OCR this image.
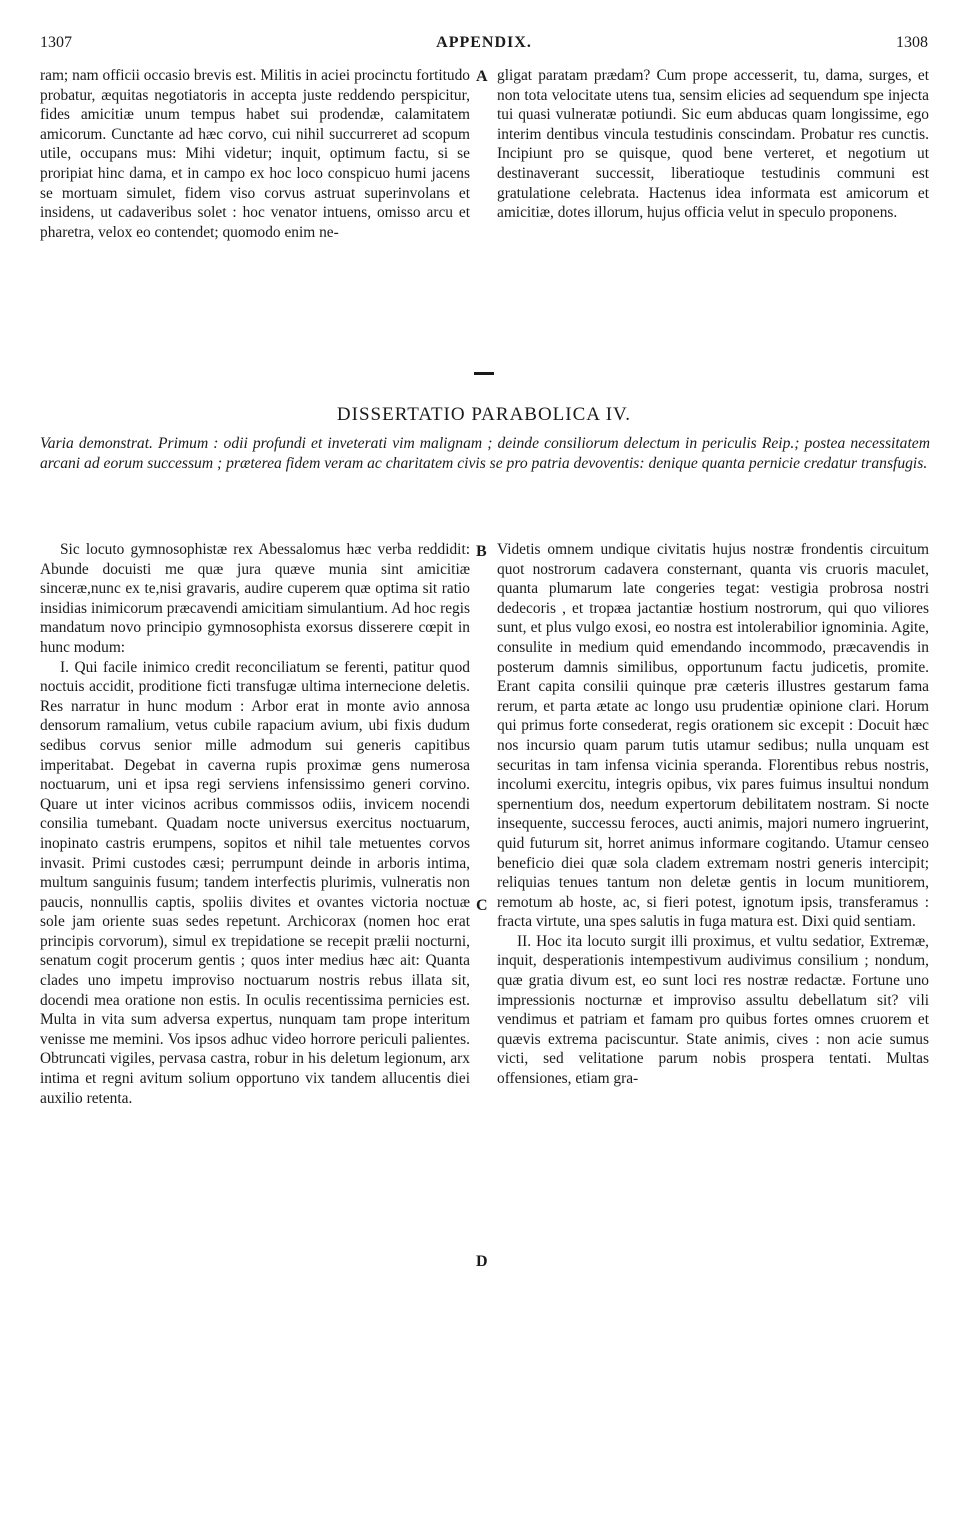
1307	APPENDIX.	1308

ram; nam officii occasio brevis est. Militis in aciei procinctu fortitudo probatur, æquitas negotiatoris in accepta juste reddendo perspicitur, fides amicitiæ unum tempus habet sui prodendæ, calamitatem amicorum. Cunctante ad hæc corvo, cui nihil succurreret ad scopum utile, occupans mus: Mihi videtur; inquit, optimum factu, si se proripiat hinc dama, et in campo ex hoc loco conspicuo humi jacens se mortuam simulet, fidem viso corvus astruat superinvolans et insidens, ut cadaveribus solet : hoc venator intuens, omisso arcu et pharetra, velox eo contendet; quomodo enim ne-

A gligat paratam prædam? Cum prope accesserit, tu, dama, surges, et non tota velocitate utens tua, sensim elicies ad sequendum spe injecta tui quasi vulneratæ potiundi. Sic eum abducas quam longissime, ego interim dentibus vincula testudinis conscindam. Probatur res cunctis. Incipiunt pro se quisque, quod bene verteret, et negotium ut destinaverant successit, liberatioque testudinis communi est gratulatione celebrata. Hactenus idea informata est amicorum et amicitiæ, dotes illorum, hujus officia velut in speculo proponens.

DISSERTATIO PARABOLICA IV.
Varia demonstrat. Primum : odii profundi et inveterati vim malignam ; deinde consiliorum delectum in periculis Reip.; postea necessitatem arcani ad eorum successum ; præterea fidem veram ac charitatem civis se pro patria devoventis: denique quanta pernicie credatur transfugis.

Sic locuto gymnosophistæ rex Abessalomus hæc verba reddidit: Abunde docuisti me quæ jura quæve munia sint amicitiæ sinceræ,nunc ex te,nisi gravaris, audire cuperem quæ optima sit ratio insidias inimicorum præcavendi amicitiam simulantium. Ad hoc regis mandatum novo principio gymnosophista exorsus disserere cœpit in hunc modum:

I. Qui facile inimico credit reconciliatum se ferenti, patitur quod noctuis accidit, proditione ficti transfugæ ultima internecione deletis. Res narratur in hunc modum : Arbor erat in monte avio annosa densorum ramalium, vetus cubile rapacium avium, ubi fixis dudum sedibus corvus senior mille admodum sui generis capitibus imperitabat. Degebat in caverna rupis proximæ gens numerosa noctuarum, uni et ipsa regi serviens infensissimo generi corvino. Quare ut inter vicinos acribus commissos odiis, invicem nocendi consilia tumebant. Quadam nocte universus exercitus noctuarum, inopinato castris erumpens, sopitos et nihil tale metuentes corvos invasit. Primi custodes cæsi; perrumpunt deinde in arboris intima, multum sanguinis fusum; tandem interfectis plurimis, vulneratis non paucis, nonnullis captis, spoliis divites et ovantes victoria noctuæ sole jam oriente suas sedes repetunt. Archicorax (nomen hoc erat principis corvorum), simul ex trepidatione se recepit prælii nocturni, senatum cogit procerum gentis ; quos inter medius hæc ait: Quanta clades uno impetu improviso noctuarum nostris rebus illata sit, docendi mea oratione non estis. In oculis recentissima pernicies est. Multa in vita sum adversa expertus, nunquam tam prope interitum venisse me memini. Vos ipsos adhuc video horrore periculi palientes. Obtruncati vigiles, pervasa castra, robur in his deletum legionum, arx intima et regni avitum solium opportuno vix tandem allucentis diei auxilio retenta.

B
C
D

Videtis omnem undique civitatis hujus nostræ frondentis circuitum quot nostrorum cadavera consternant, quanta vis cruoris maculet, quanta plumarum late congeries tegat: vestigia probrosa nostri dedecoris , et tropæa jactantiæ hostium nostrorum, qui quo viliores sunt, et plus vulgo exosi, eo nostra est intolerabilior ignominia. Agite, consulite in medium quid emendando incommodo, præcavendis in posterum damnis similibus, opportunum factu judicetis, promite. Erant capita consilii quinque præ cæteris illustres gestarum fama rerum, et parta ætate ac longo usu prudentiæ opinione clari. Horum qui primus forte consederat, regis orationem sic excepit : Docuit hæc nos incursio quam parum tutis utamur sedibus; nulla unquam est securitas in tam infensa vicinia speranda. Florentibus rebus nostris, incolumi exercitu, integris opibus, vix pares fuimus insultui nondum spernentium dos, needum expertorum debilitatem nostram. Si nocte insequente, successu feroces, aucti animis, majori numero ingruerint, quid futurum sit, horret animus informare cogitando. Utamur censeo beneficio diei quæ sola cladem extremam nostri generis intercipit; reliquias tenues tantum non deletæ gentis in locum munitiorem, remotum ab hoste, ac, si fieri potest, ignotum ipsis, transferamus : fracta virtute, una spes salutis in fuga matura est. Dixi quid sentiam.

II. Hoc ita locuto surgit illi proximus, et vultu sedatior, Extremæ, inquit, desperationis intempestivum audivimus consilium ; nondum, quæ gratia divum est, eo sunt loci res nostræ redactæ. Fortune uno impressionis nocturnæ et improviso assultu debellatum sit? vili vendimus et patriam et famam pro quibus fortes omnes cruorem et quævis extrema paciscuntur. State animis, cives : non acie sumus victi, sed velitatione parum nobis prospera tentati. Multas offensiones, etiam gra-
